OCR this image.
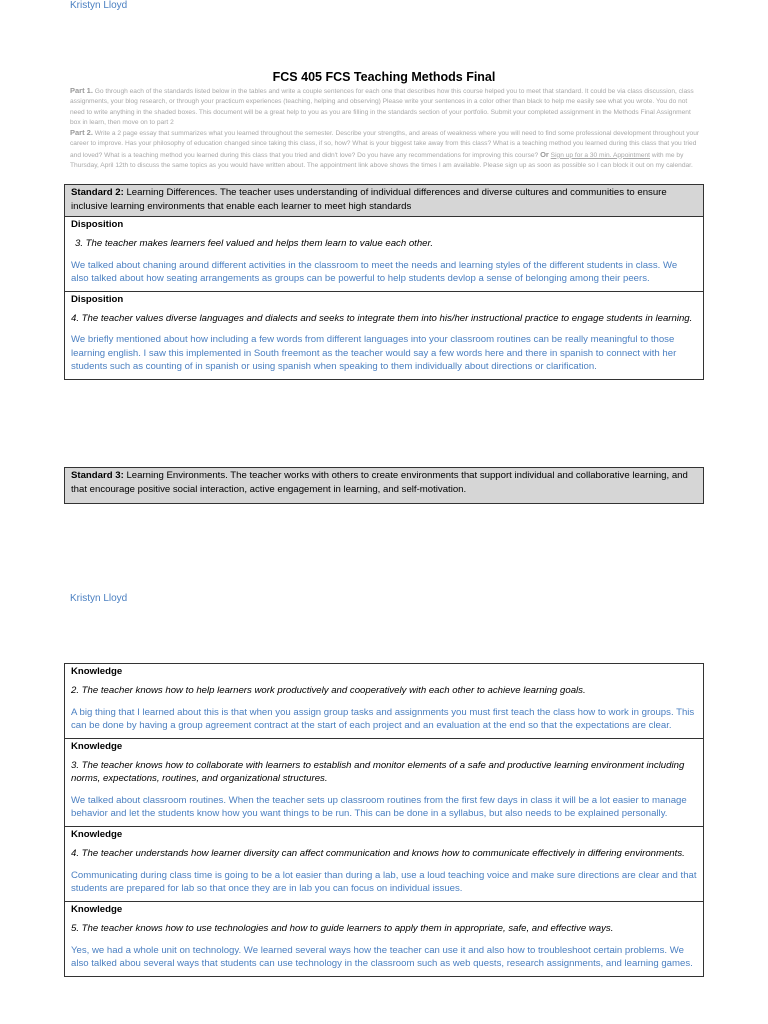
Kristyn Lloyd
FCS 405 FCS Teaching Methods Final
Part 1. Go through each of the standards listed below in the tables and write a couple sentences for each one that describes how this course helped you to meet that standard. It could be via class discussion, class assignments, your blog research, or through your practicum experiences (teaching, helping and observing) Please write your sentences in a color other than black to help me easily see what you wrote. You do not need to write anything in the shaded boxes. This document will be a great help to you as you are filling in the standards section of your portfolio. Submit your completed assignment in the Methods Final Assignment box in learn, then move on to part 2
Part 2. Write a 2 page essay that summarizes what you learned throughout the semester. Describe your strengths, and areas of weakness where you will need to find some professional development throughout your career to improve. Has your philosophy of education changed since taking this class, if so, how? What is your biggest take away from this class? What is a teaching method you learned during this class that you tried and loved? What is a teaching method you learned during this class that you tried and didn't love? Do you have any recommendations for improving this course? Or Sign up for a 30 min. Appointment with me by Thursday, April 12th to discuss the same topics as you would have written about. The appointment link above shows the times I am available. Please sign up as soon as possible so I can block it out on my calendar.
Standard 2: Learning Differences. The teacher uses understanding of individual differences and diverse cultures and communities to ensure inclusive learning environments that enable each learner to meet high standards
Disposition
3. The teacher makes learners feel valued and helps them learn to value each other.
We talked about chaning around different activities in the classroom to meet the needs and learning styles of the different students in class. We also talked about how seating arrangements as groups can be powerful to help students devlop a sense of belonging among their peers.
Disposition
4. The teacher values diverse languages and dialects and seeks to integrate them into his/her instructional practice to engage students in learning.
We briefly mentioned about how including a few words from different languages into your classroom routines can be really meaningful to those learning english. I saw this implemented in South freemont as the teacher would say a few words here and there in spanish to connect with her students such as counting of in spanish or using spanish when speaking to them individually about directions or clarification.
Standard 3: Learning Environments. The teacher works with others to create environments that support individual and collaborative learning, and that encourage positive social interaction, active engagement in learning, and self-motivation.
Kristyn Lloyd
Knowledge
2. The teacher knows how to help learners work productively and cooperatively with each other to achieve learning goals.
A big thing that I learned about this is that when you assign group tasks and assignments you must first teach the class how to work in groups. This can be done by having a group agreement contract at the start of each project and an evaluation at the end so that the expectations are clear.
Knowledge
3. The teacher knows how to collaborate with learners to establish and monitor elements of a safe and productive learning environment including norms, expectations, routines, and organizational structures.
We talked about classroom routines. When the teacher sets up classroom routines from the first few days in class it will be a lot easier to manage behavior and let the students know how you want things to be run. This can be done in a syllabus, but also needs to be explained personally.
Knowledge
4. The teacher understands how learner diversity can affect communication and knows how to communicate effectively in differing environments.
Communicating during class time is going to be a lot easier than during a lab, use a loud teaching voice and make sure directions are clear and that students are prepared for lab so that once they are in lab you can focus on individual issues.
Knowledge
5. The teacher knows how to use technologies and how to guide learners to apply them in appropriate, safe, and effective ways.
Yes, we had a whole unit on technology. We learned several ways how the teacher can use it and also how to troubleshoot certain problems. We also talked abou several ways that students can use technology in the classroom such as web quests, research assignments, and learning games.
